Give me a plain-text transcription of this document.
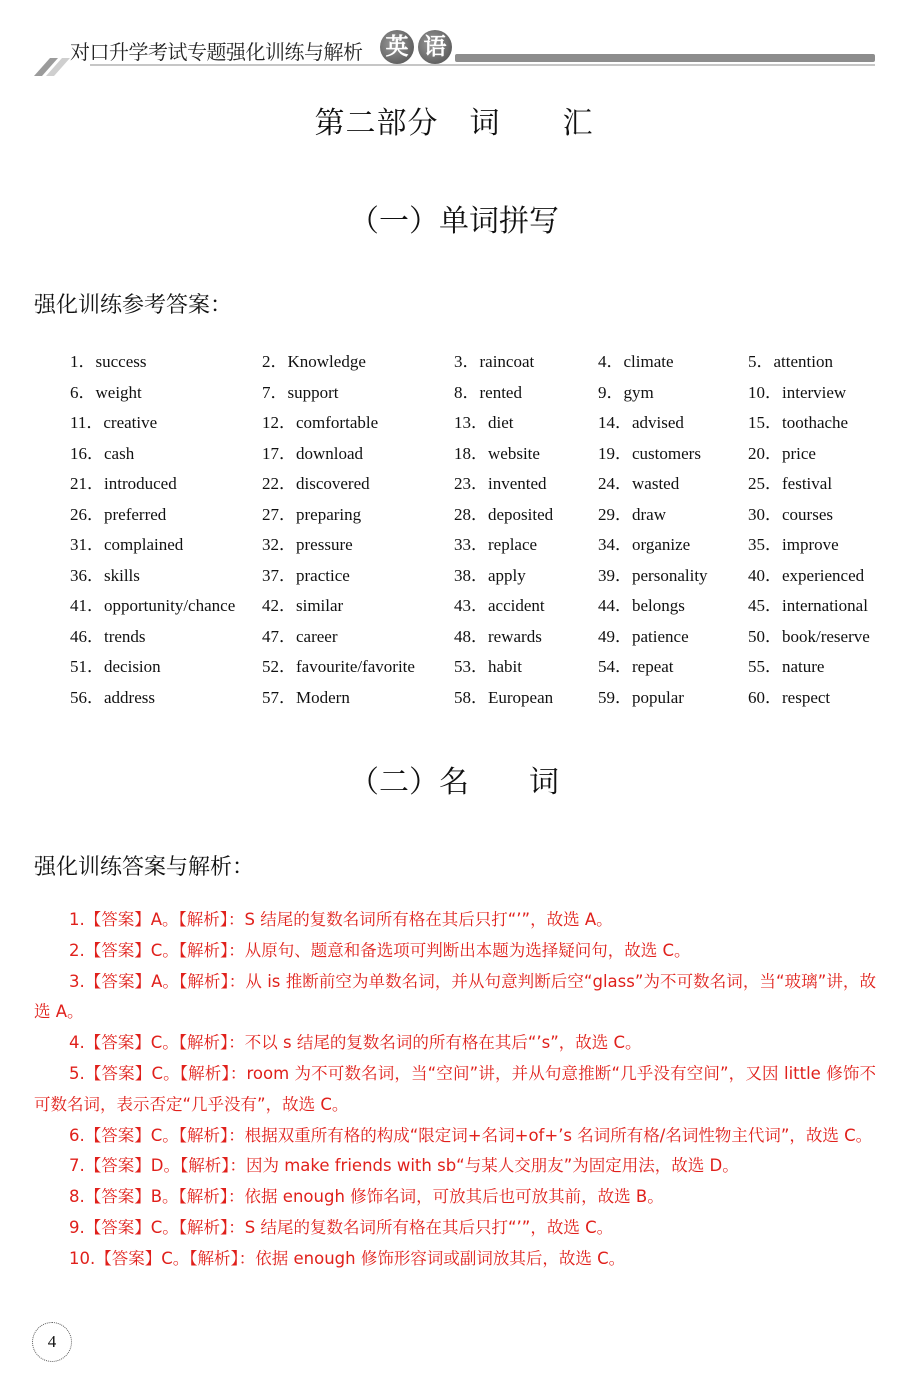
对口升学考试专题强化训练与解析 英 语
第二部分　词　　汇
（一）单词拼写
强化训练参考答案：
1．success	2．Knowledge	3．raincoat	4．climate	5．attention
6．weight	7．support	8．rented	9．gym	10．interview
11．creative	12．comfortable	13．diet	14．advised	15．toothache
16．cash	17．download	18．website	19．customers	20．price
21．introduced	22．discovered	23．invented	24．wasted	25．festival
26．preferred	27．preparing	28．deposited	29．draw	30．courses
31．complained	32．pressure	33．replace	34．organize	35．improve
36．skills	37．practice	38．apply	39．personality 40．experienced
41．opportunity/chance 42．similar	43．accident	44．belongs	45．international
46．trends	47．career	48．rewards	49．patience	50．book/reserve
51．decision	52．favourite/favorite 53．habit	54．repeat	55．nature
56．address	57．Modern	58．European	59．popular	60．respect
（二）名　　词
强化训练答案与解析：

1.【答案】A。【解析】：S 结尾的复数名词所有格在其后只打“’”，故选 A。

2.【答案】C。【解析】：从原句、题意和备选项可判断出本题为选择疑问句，故选 C。

3.【答案】A。【解析】：从 is 推断前空为单数名词，并从句意判断后空“glass”为不可数名词，当“玻璃”讲，故选 A。

4.【答案】C。【解析】：不以 s 结尾的复数名词的所有格在其后“’s”，故选 C。

5.【答案】C。【解析】：room 为不可数名词，当“空间”讲，并从句意推断“几乎没有空间”，又因 little 修饰不可数名词，表示否定“几乎没有”，故选 C。

6.【答案】C。【解析】：根据双重所有格的构成“限定词+名词+of+’s 名词所有格/名词性物主代词”，故选 C。

7.【答案】D。【解析】：因为 make friends with sb“与某人交朋友”为固定用法，故选 D。

8.【答案】B。【解析】：依据 enough 修饰名词，可放其后也可放其前，故选 B。

9.【答案】C。【解析】：S 结尾的复数名词所有格在其后只打“’”，故选 C。

10.【答案】C。【解析】：依据 enough 修饰形容词或副词放其后，故选 C。

4
